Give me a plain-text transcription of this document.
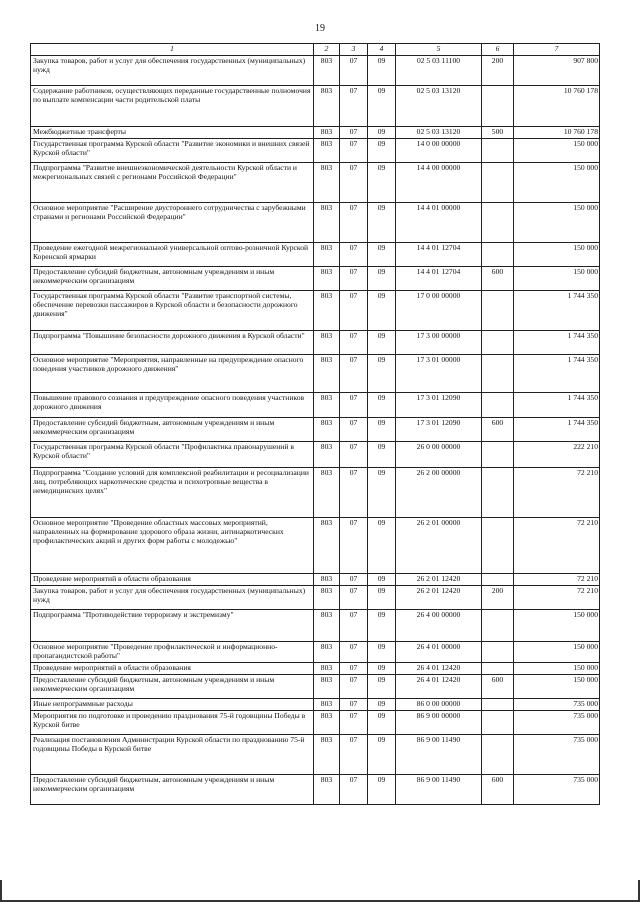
19
1	2	3	4	5	6	7
Закупка товаров, работ и услуг для обеспечения государственных (муниципальных) нужд	803	07	09	02 5 03 11100	200	907 800
Содержание работников, осуществляющих переданные государственные полномочия по выплате компенсации части родительской платы	803	07	09	02 5 03 13120		10 760 178
Межбюджетные трансферты	803	07	09	02 5 03 13120	500	10 760 178
Государственная программа Курской области "Развитие экономики и внешних связей Курской области"	803	07	09	14 0 00 00000		150 000
Подпрограмма "Развитие внешнеэкономической деятельности Курской области и межрегиональных связей с регионами Российской Федерации"	803	07	09	14 4 00 00000		150 000
Основное мероприятие "Расширение двустороннего сотрудничества с зарубежными странами и регионами Российской Федерации"	803	07	09	14 4 01 00000		150 000
Проведение ежегодной межрегиональной универсальной оптово-розничной Курской Коренской ярмарки	803	07	09	14 4 01 12704		150 000
Предоставление субсидий бюджетным, автономным учреждениям и иным некоммерческим организациям	803	07	09	14 4 01 12704	600	150 000
Государственная программа Курской области "Развитие транспортной системы, обеспечение перевозки пассажиров в Курской области и безопасности дорожного движения"	803	07	09	17 0 00 00000		1 744 350
Подпрограмма "Повышение безопасности дорожного движения в Курской области"	803	07	09	17 3 00 00000		1 744 350
Основное мероприятие "Мероприятия, направленные на предупреждение опасного поведения участников дорожного движения"	803	07	09	17 3 01 00000		1 744 350
Повышение правового сознания и предупреждение опасного поведения участников дорожного движения	803	07	09	17 3 01 12090		1 744 350
Предоставление субсидий бюджетным, автономным учреждениям и иным некоммерческим организациям	803	07	09	17 3 01 12090	600	1 744 350
Государственная программа Курской области "Профилактика правонарушений в Курской области"	803	07	09	26 0 00 00000		222 210
Подпрограмма "Создание условий для комплексной реабилитации и ресоциализации лиц, потребляющих наркотические средства и психотропные вещества в немедицинских целях"	803	07	09	26 2 00 00000		72 210
Основное мероприятие "Проведение областных массовых мероприятий, направленных на формирование здорового образа жизни, антинаркотических профилактических акций и других форм работы с молодежью"	803	07	09	26 2 01 00000		72 210
Проведение мероприятий в области образования	803	07	09	26 2 01 12420		72 210
Закупка товаров, работ и услуг для обеспечения государственных (муниципальных) нужд	803	07	09	26 2 01 12420	200	72 210
Подпрограмма "Противодействие терроризму и экстремизму"	803	07	09	26 4 00 00000		150 000
Основное мероприятие "Проведение профилактической и информационно-пропагандистской работы"	803	07	09	26 4 01 00000		150 000
Проведение мероприятий в области образования	803	07	09	26 4 01 12420		150 000
Предоставление субсидий бюджетным, автономным учреждениям и иным некоммерческим организациям	803	07	09	26 4 01 12420	600	150 000
Иные непрограммные расходы	803	07	09	86 0 00 00000		735 000
Мероприятия по подготовке и проведению празднования 75-й годовщины Победы в Курской битве	803	07	09	86 9 00 00000		735 000
Реализация постановления Администрации Курской области по празднованию 75-й годовщины Победы в Курской битве	803	07	09	86 9 00 11490		735 000
Предоставление субсидий бюджетным, автономным учреждениям и иным некоммерческим организациям	803	07	09	86 9 00 11490	600	735 000
